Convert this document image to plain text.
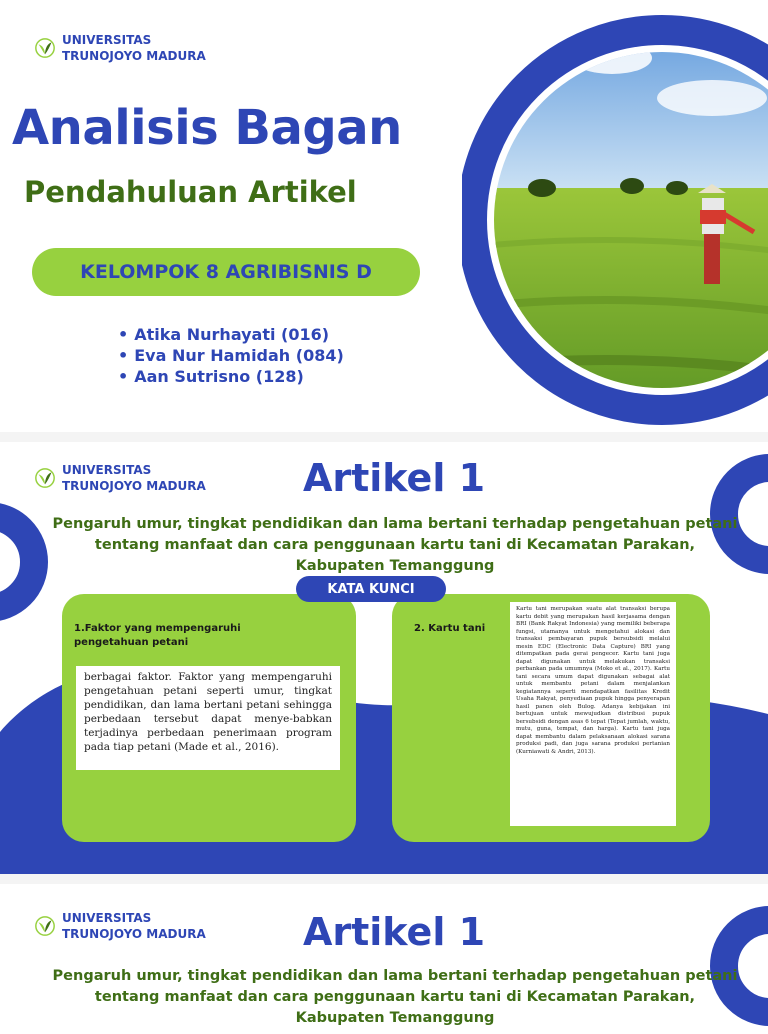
UNIVERSITAS
TRUNOJOYO MADURA
Analisis Bagan
Pendahuluan Artikel
KELOMPOK 8 AGRIBISNIS D
• Atika Nurhayati (016)
• Eva Nur Hamidah (084)
• Aan Sutrisno (128)
UNIVERSITAS
TRUNOJOYO MADURA	Artikel 1

Pengaruh umur, tingkat pendidikan dan lama bertani terhadap pengetahuan petani tentang manfaat dan cara penggunaan kartu tani di Kecamatan Parakan, Kabupaten Temanggung

1.Faktor yang mempengaruhi pengetahuan petani
berbagai faktor. Faktor yang mempengaruhi pengetahuan petani seperti umur, tingkat pendidikan, dan lama bertani petani sehingga perbedaan tersebut dapat menye-babkan terjadinya perbedaan penerimaan program pada tiap petani (Made et al., 2016).
2. Kartu tani
Kartu tani merupakan suatu alat transaksi berupa kartu debit yang merupakan hasil kerjasama dengan BRI (Bank Rakyat Indonesia) yang memiliki beberapa fungsi, utamanya untuk mengetahui alokasi dan transaksi pembayaran pupuk bersubsidi melalui mesin EDC (Electronic Data Capture) BRI yang ditempatkan pada gerai pengecer. Kartu tani juga dapat digunakan untuk melakukan transaksi perbankan pada umumnya (Moko et al., 2017). Kartu tani secara umum dapat digunakan sebagai alat untuk membantu petani dalam menjalankan kegiatannya seperti mendapatkan fasilitas Kredit Usaha Rakyat, penyediaan pupuk hingga penyerapan hasil panen oleh Bulog. Adanya kebijakan ini bertujuan untuk mewujudkan distribusi pupuk bersubsidi dengan asas 6 tepat (Tepat jumlah, waktu, mutu, guna, tempat, dan harga). Kartu tani juga dapat membantu dalam pelaksanaan alokasi sarana produksi padi, dan juga sarana produksi pertanian (Kurniawati & Andri, 2013).
KATA KUNCI
UNIVERSITAS
TRUNOJOYO MADURA	Artikel 1

Pengaruh umur, tingkat pendidikan dan lama bertani terhadap pengetahuan petani tentang manfaat dan cara penggunaan kartu tani di Kecamatan Parakan, Kabupaten Temanggung
